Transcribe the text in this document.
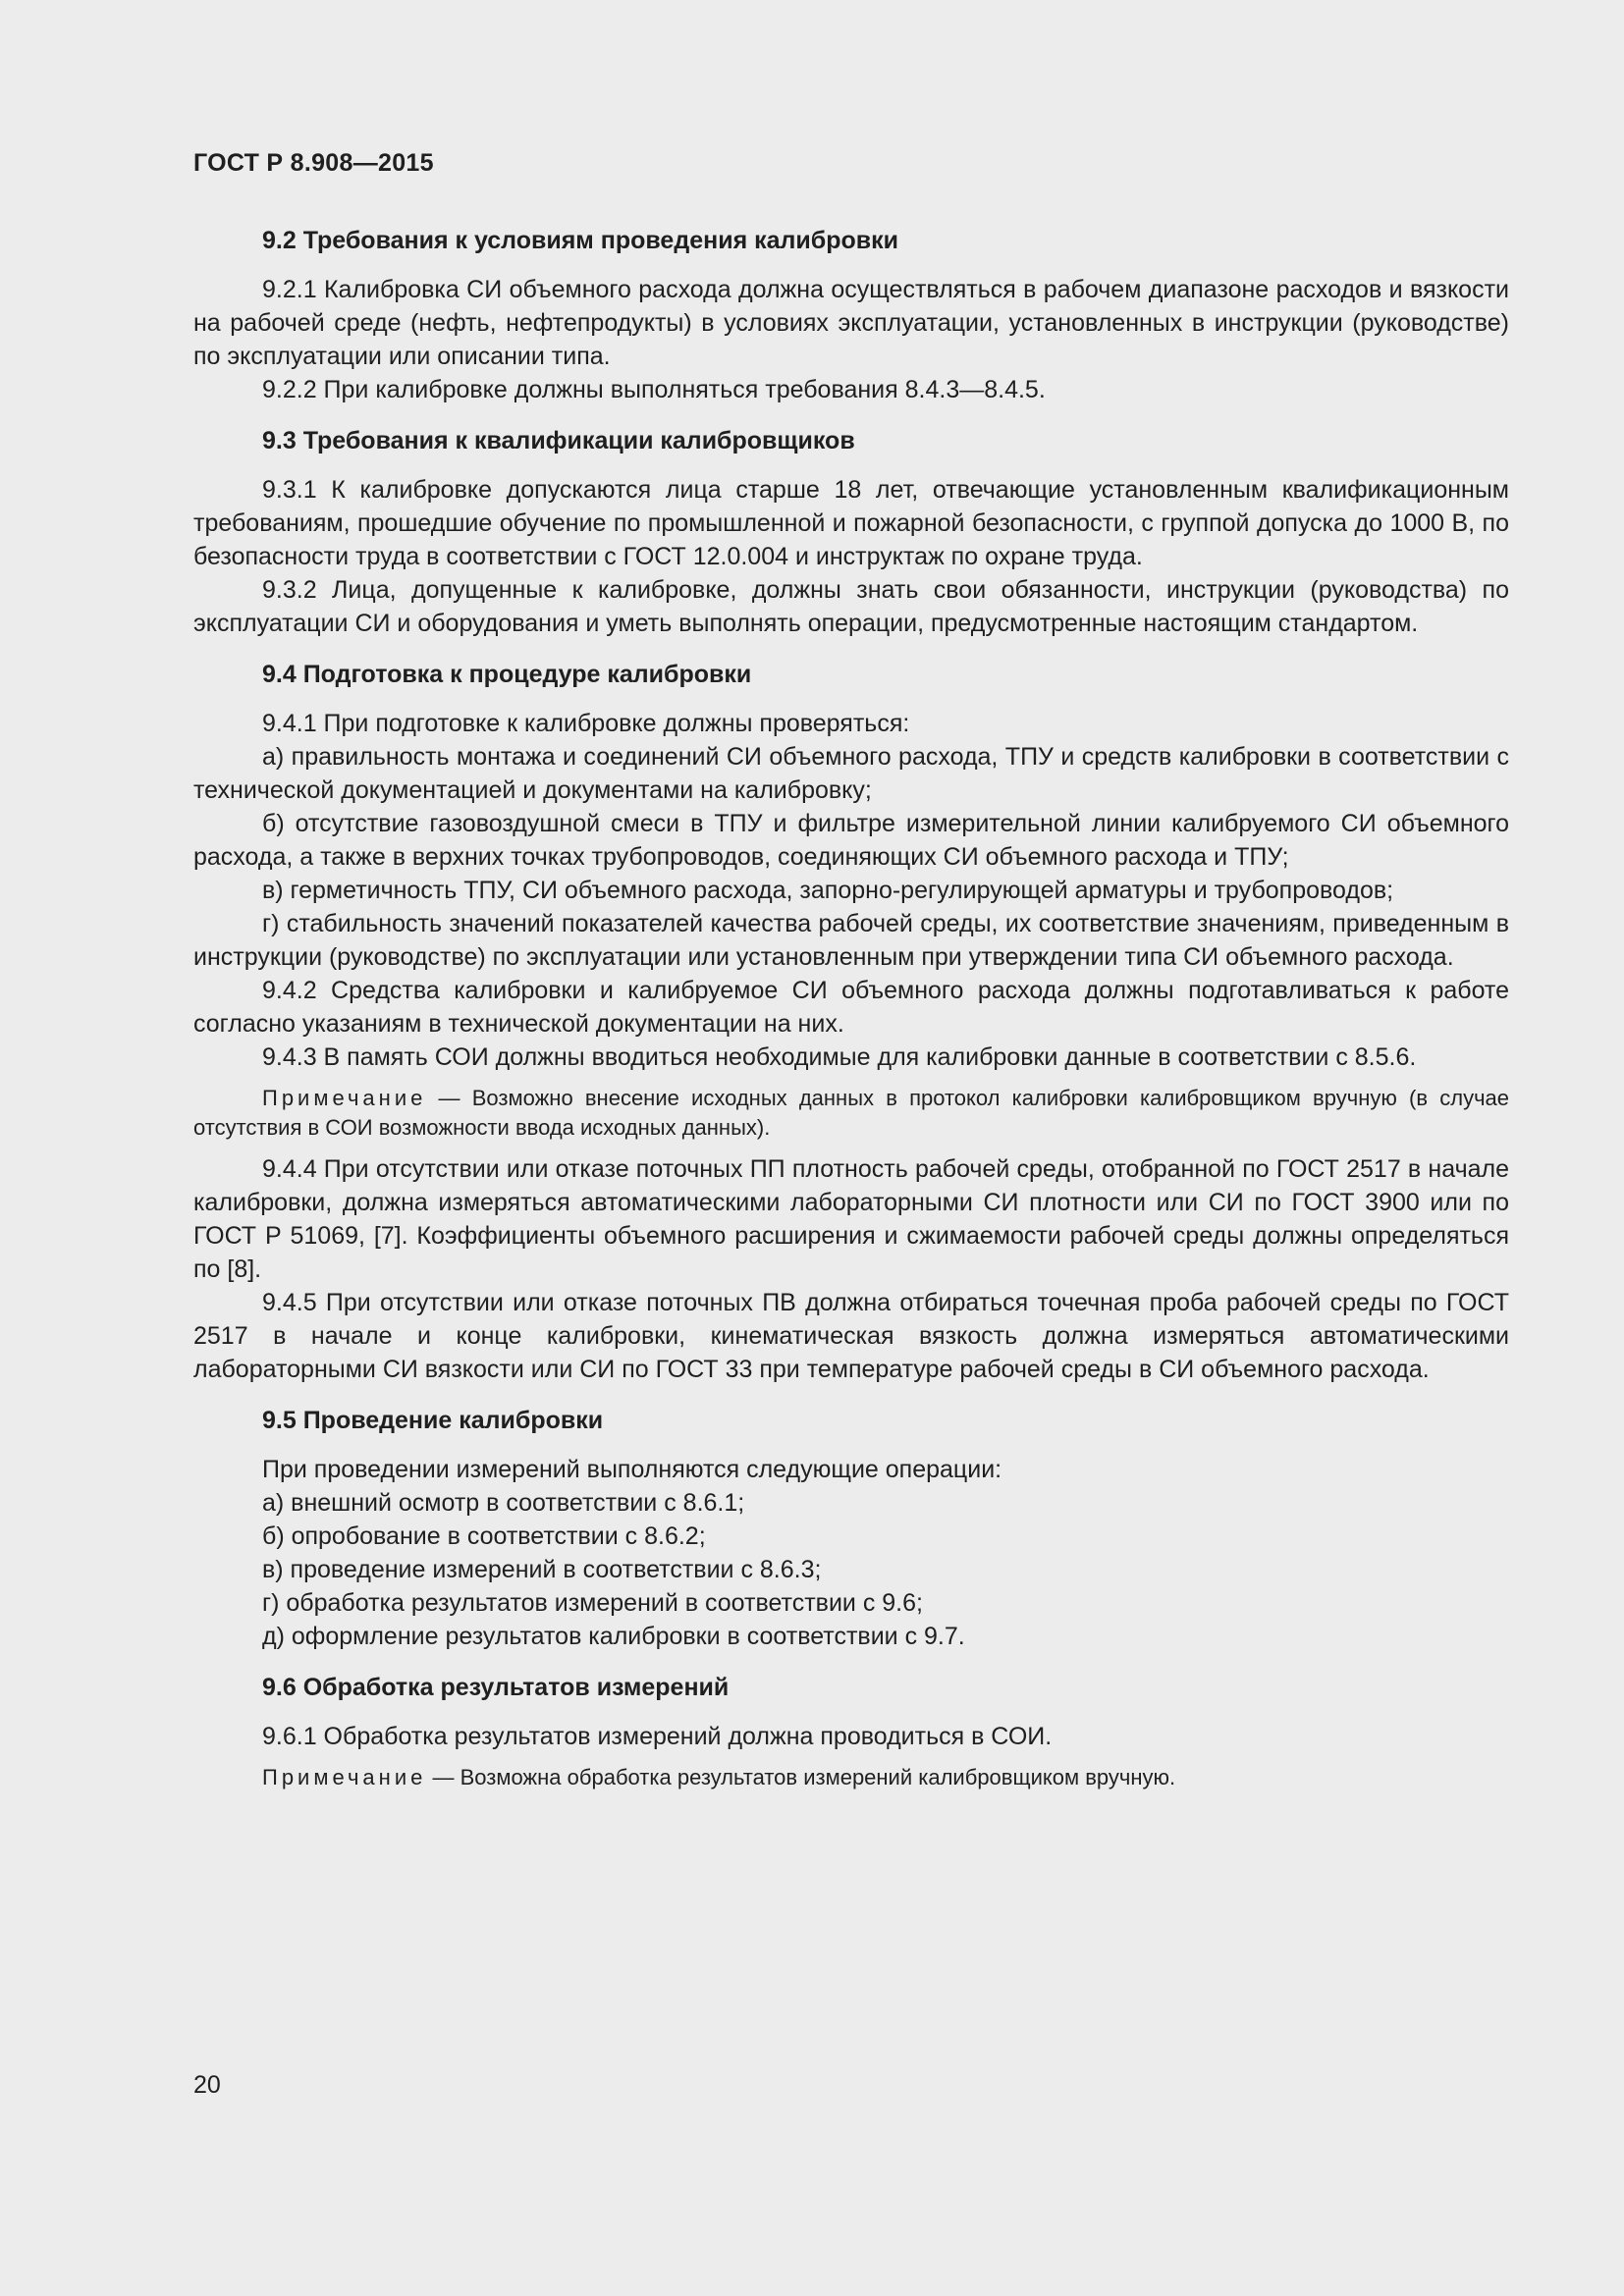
ГОСТ Р 8.908—2015
9.2 Требования к условиям проведения калибровки

9.2.1 Калибровка СИ объемного расхода должна осуществляться в рабочем диапазоне расходов и вязкости на рабочей среде (нефть, нефтепродукты) в условиях эксплуатации, установленных в инструкции (руководстве) по эксплуатации или описании типа.

9.2.2 При калибровке должны выполняться требования 8.4.3—8.4.5.

9.3 Требования к квалификации калибровщиков

9.3.1 К калибровке допускаются лица старше 18 лет, отвечающие установленным квалификационным требованиям, прошедшие обучение по промышленной и пожарной безопасности, с группой допуска до 1000 В, по безопасности труда в соответствии с ГОСТ 12.0.004 и инструктаж по охране труда.

9.3.2 Лица, допущенные к калибровке, должны знать свои обязанности, инструкции (руководства) по эксплуатации СИ и оборудования и уметь выполнять операции, предусмотренные настоящим стандартом.

9.4 Подготовка к процедуре калибровки

9.4.1 При подготовке к калибровке должны проверяться:

а) правильность монтажа и соединений СИ объемного расхода, ТПУ и средств калибровки в соответствии с технической документацией и документами на калибровку;

б) отсутствие газовоздушной смеси в ТПУ и фильтре измерительной линии калибруемого СИ объемного расхода, а также в верхних точках трубопроводов, соединяющих СИ объемного расхода и ТПУ;

в) герметичность ТПУ, СИ объемного расхода, запорно-регулирующей арматуры и трубопроводов;

г) стабильность значений показателей качества рабочей среды, их соответствие значениям, приведенным в инструкции (руководстве) по эксплуатации или установленным при утверждении типа СИ объемного расхода.

9.4.2 Средства калибровки и калибруемое СИ объемного расхода должны подготавливаться к работе согласно указаниям в технической документации на них.

9.4.3 В память СОИ должны вводиться необходимые для калибровки данные в соответствии с 8.5.6.

Примечание — Возможно внесение исходных данных в протокол калибровки калибровщиком вручную (в случае отсутствия в СОИ возможности ввода исходных данных).

9.4.4 При отсутствии или отказе поточных ПП плотность рабочей среды, отобранной по ГОСТ 2517 в начале калибровки, должна измеряться автоматическими лабораторными СИ плотности или СИ по ГОСТ 3900 или по ГОСТ Р 51069, [7]. Коэффициенты объемного расширения и сжимаемости рабочей среды должны определяться по [8].

9.4.5 При отсутствии или отказе поточных ПВ должна отбираться точечная проба рабочей среды по ГОСТ 2517 в начале и конце калибровки, кинематическая вязкость должна измеряться автоматическими лабораторными СИ вязкости или СИ по ГОСТ 33 при температуре рабочей среды в СИ объемного расхода.

9.5 Проведение калибровки

При проведении измерений выполняются следующие операции:

а) внешний осмотр в соответствии с 8.6.1;

б) опробование в соответствии с 8.6.2;

в) проведение измерений в соответствии с 8.6.3;

г) обработка результатов измерений в соответствии с 9.6;

д) оформление результатов калибровки в соответствии с 9.7.

9.6 Обработка результатов измерений

9.6.1 Обработка результатов измерений должна проводиться в СОИ.

Примечание — Возможна обработка результатов измерений калибровщиком вручную.
20
